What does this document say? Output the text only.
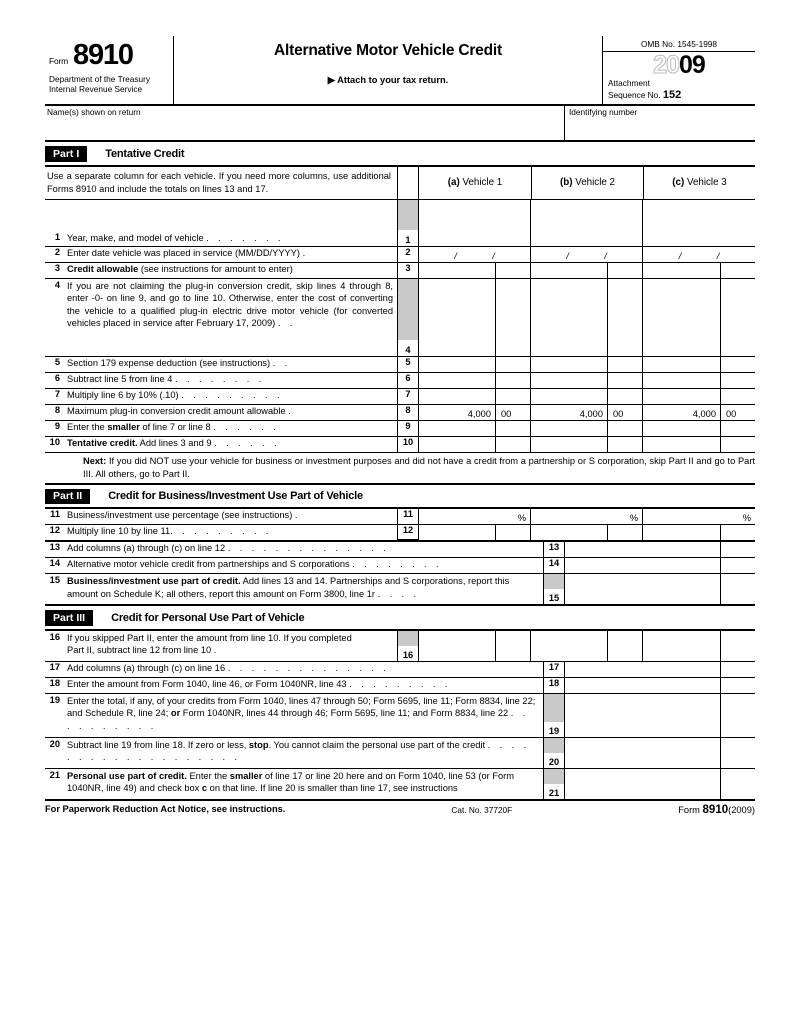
Form 8910
Department of the Treasury
Internal Revenue Service
Alternative Motor Vehicle Credit
▶ Attach to your tax return.
OMB No. 1545-1998
2009
Attachment
Sequence No. 152
Name(s) shown on return	Identifying number
Part I	Tentative Credit
Use a separate column for each vehicle. If you need more columns, use additional Forms 8910 and include the totals on lines 13 and 17.
(a) Vehicle 1	(b) Vehicle 2	(c) Vehicle 3
1 Year, make, and model of vehicle . . . . . . .	1
2 Enter date vehicle was placed in service (MM/DD/YYYY) .	2	/	/	/	/	/	/
3 Credit allowable (see instructions for amount to enter)	3
4 If you are not claiming the plug-in conversion credit, skip lines 4 through 8, enter -0- on line 9, and go to line 10. Otherwise, enter the cost of converting the vehicle to a qualified plug-in electric drive motor vehicle (for converted vehicles placed in service after February 17, 2009) . .
4
5 Section 179 expense deduction (see instructions) . .	5
6 Subtract line 5 from line 4 . . . . . . . .	6
7 Multiply line 6 by 10% (.10) . . . . . . . . .	7
8 Maximum plug-in conversion credit amount allowable .	8	4,000 00	4,000 00	4,000 00
9 Enter the smaller of line 7 or line 8 . . . . . .	9
10 Tentative credit. Add lines 3 and 9 . . . . . .	10
Next: If you did NOT use your vehicle for business or investment purposes and did not have a credit from a partnership or S corporation, skip Part II and go to Part III. All others, go to Part II.
Part II	Credit for Business/Investment Use Part of Vehicle
11 Business/investment use percentage (see instructions) .	11	%	%	%
12 Multiply line 10 by line 11. . . . . . . . .	12
13 Add columns (a) through (c) on line 12 . . . . . . . . . . . . . .	13
14 Alternative motor vehicle credit from partnerships and S corporations . . . . . . . .	14
15 Business/investment use part of credit. Add lines 13 and 14. Partnerships and S corporations, report this amount on Schedule K; all others, report this amount on Form 3800, line 1r . . . .	15
Part III	Credit for Personal Use Part of Vehicle
16 If you skipped Part II, enter the amount from line 10. If you completed Part II, subtract line 12 from line 10 .	16
17 Add columns (a) through (c) on line 16 . . . . . . . . . . . . . .	17
18 Enter the amount from Form 1040, line 46, or Form 1040NR, line 43 . . . . . . . . .	18
19 Enter the total, if any, of your credits from Form 1040, lines 47 through 50; Form 5695, line 11; Form 8834, line 22; and Schedule R, line 24; or Form 1040NR, lines 44 through 46; Form 5695, line 11; and Form 8834, line 22 . . . . . . . . . .	19
20 Subtract line 19 from line 18. If zero or less, stop. You cannot claim the personal use part of the credit . . . . . . . . . . . . . . . . . . .	20
21 Personal use part of credit. Enter the smaller of line 17 or line 20 here and on Form 1040, line 53 (or Form 1040NR, line 49) and check box c on that line. If line 20 is smaller than line 17, see instructions	21
For Paperwork Reduction Act Notice, see instructions.	Cat. No. 37720F	Form 8910(2009)
